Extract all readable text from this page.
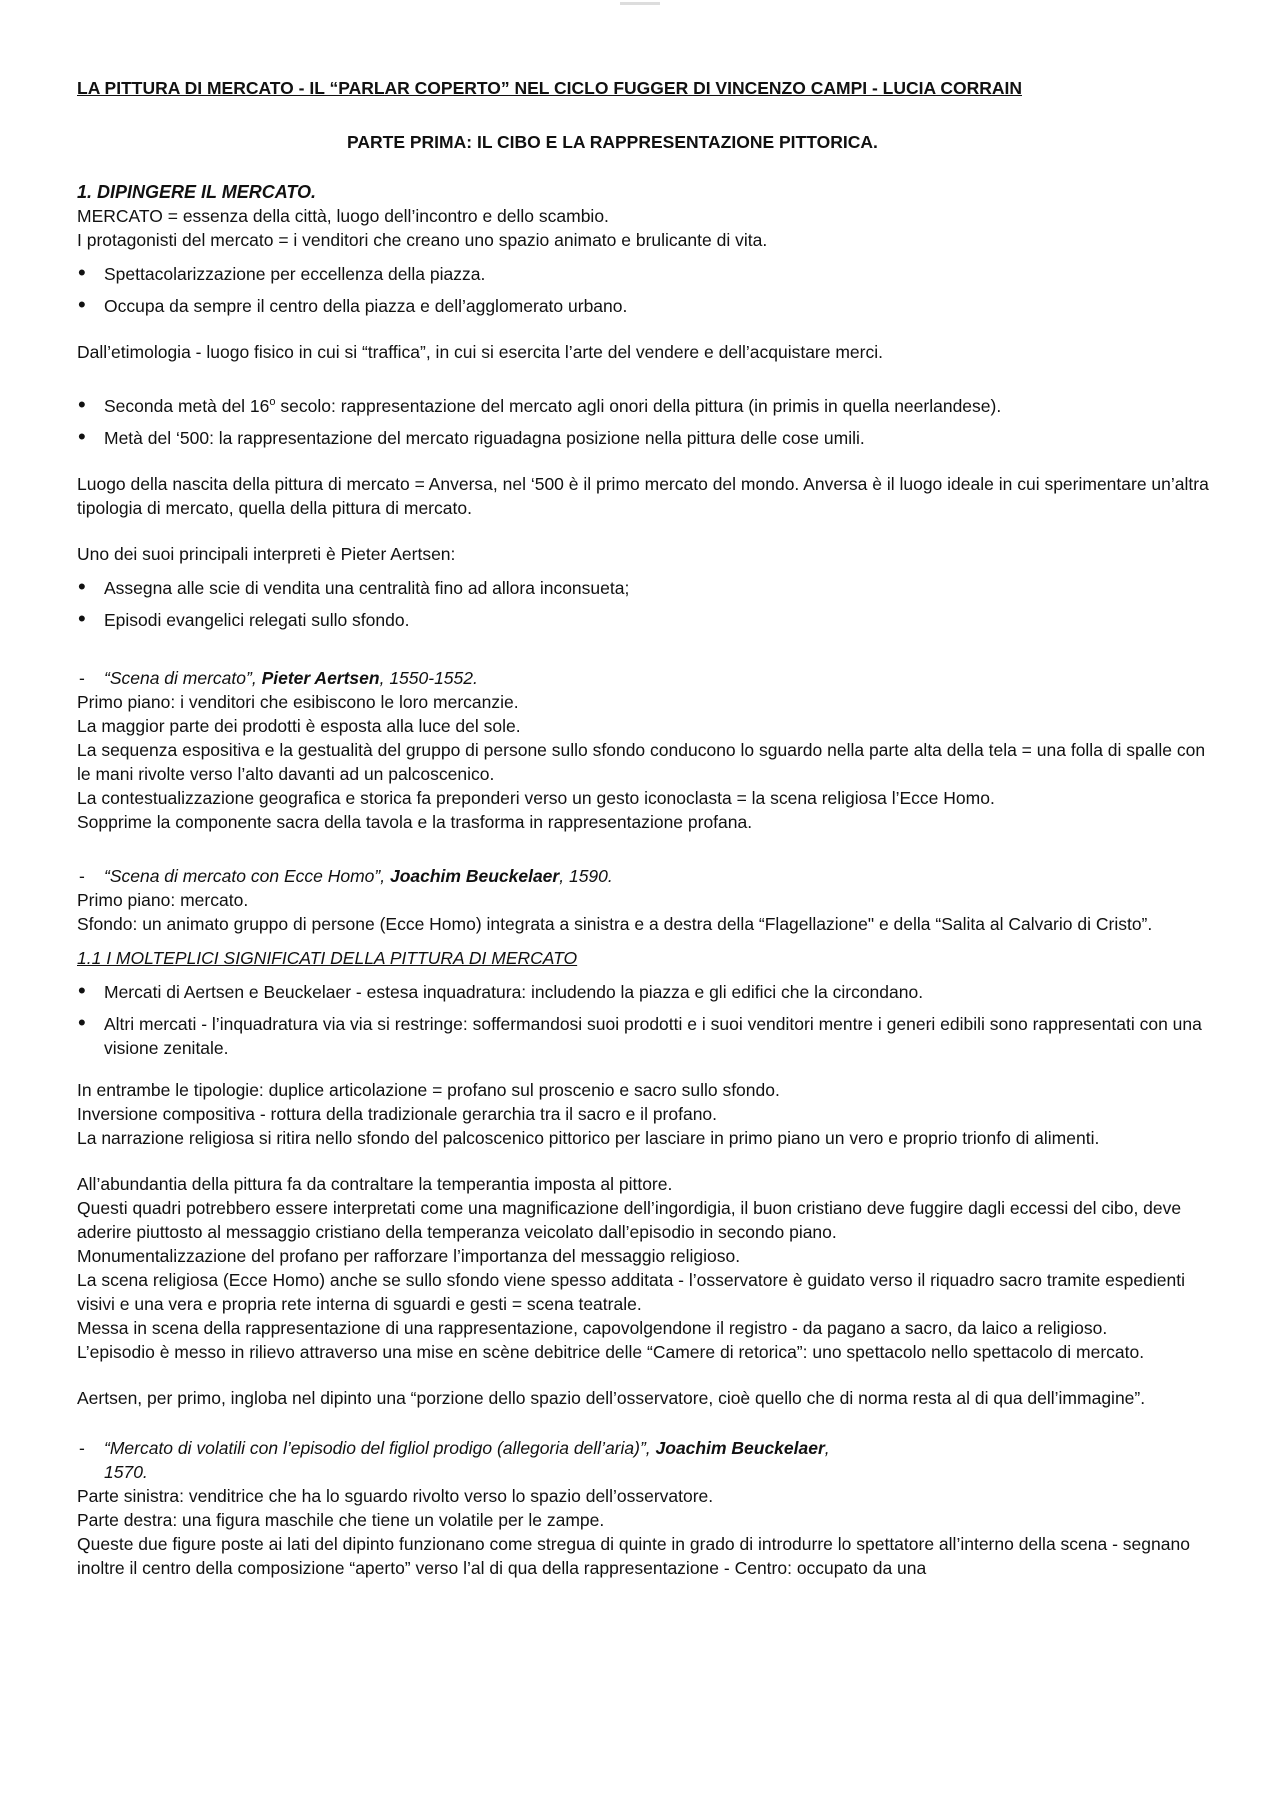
LA PITTURA DI MERCATO - IL “PARLAR COPERTO” NEL CICLO FUGGER DI VINCENZO CAMPI - LUCIA CORRAIN

PARTE PRIMA: IL CIBO E LA RAPPRESENTAZIONE PITTORICA.

1. DIPINGERE IL MERCATO.

MERCATO = essenza della città, luogo dell’incontro e dello scambio.

I protagonisti del mercato = i venditori che creano uno spazio animato e brulicante di vita.

• Spettacolarizzazione per eccellenza della piazza.
• Occupa da sempre il centro della piazza e dell’agglomerato urbano.

Dall’etimologia - luogo fisico in cui si “traffica”, in cui si esercita l’arte del vendere e dell’acquistare merci.

• Seconda metà del 16$^o$ secolo: rappresentazione del mercato agli onori della pittura (in primis in quella neerlandese).
• Metà del ‘500: la rappresentazione del mercato riguadagna posizione nella pittura delle cose umili.

Luogo della nascita della pittura di mercato = Anversa, nel ‘500 è il primo mercato del mondo. Anversa è il luogo ideale in cui sperimentare un’altra tipologia di mercato, quella della pittura di mercato.

Uno dei suoi principali interpreti è Pieter Aertsen:

• Assegna alle scie di vendita una centralità fino ad allora inconsueta;
• Episodi evangelici relegati sullo sfondo.

- “Scena di mercato”, Pieter Aertsen, 1550-1552.

Primo piano: i venditori che esibiscono le loro mercanzie.

La maggior parte dei prodotti è esposta alla luce del sole.

La sequenza espositiva e la gestualità del gruppo di persone sullo sfondo conducono lo sguardo nella parte alta della tela = una folla di spalle con le mani rivolte verso l’alto davanti ad un palcoscenico.

La contestualizzazione geografica e storica fa preponderi verso un gesto iconoclasta = la scena religiosa l’Ecce Homo.

Sopprime la componente sacra della tavola e la trasforma in rappresentazione profana.

- “Scena di mercato con Ecce Homo”, Joachim Beuckelaer, 1590.

Primo piano: mercato.

Sfondo: un animato gruppo di persone (Ecce Homo) integrata a sinistra e a destra della “Flagellazione" e della “Salita al Calvario di Cristo”.

1.1 I MOLTEPLICI SIGNIFICATI DELLA PITTURA DI MERCATO

• Mercati di Aertsen e Beuckelaer - estesa inquadratura: includendo la piazza e gli edifici che la circondano.
• Altri mercati - l’inquadratura via via si restringe: soffermandosi suoi prodotti e i suoi venditori mentre i generi edibili sono rappresentati con una visione zenitale.

In entrambe le tipologie: duplice articolazione = profano sul proscenio e sacro sullo sfondo.

Inversione compositiva - rottura della tradizionale gerarchia tra il sacro e il profano.

La narrazione religiosa si ritira nello sfondo del palcoscenico pittorico per lasciare in primo piano un vero e proprio trionfo di alimenti.

All’abundantia della pittura fa da contraltare la temperantia imposta al pittore.

Questi quadri potrebbero essere interpretati come una magnificazione dell’ingordigia, il buon cristiano deve fuggire dagli eccessi del cibo, deve aderire piuttosto al messaggio cristiano della temperanza veicolato dall’episodio in secondo piano.

Monumentalizzazione del profano per rafforzare l’importanza del messaggio religioso.

La scena religiosa (Ecce Homo) anche se sullo sfondo viene spesso additata - l’osservatore è guidato verso il riquadro sacro tramite espedienti visivi e una vera e propria rete interna di sguardi e gesti = scena teatrale.

Messa in scena della rappresentazione di una rappresentazione, capovolgendone il registro - da pagano a sacro, da laico a religioso.

L’episodio è messo in rilievo attraverso una mise en scène debitrice delle “Camere di retorica”: uno spettacolo nello spettacolo di mercato.

Aertsen, per primo, ingloba nel dipinto una “porzione dello spazio dell’osservatore, cioè quello che di norma resta al di qua dell’immagine”.

- “Mercato di volatili con l’episodio del figliol prodigo (allegoria dell’aria)”, Joachim Beuckelaer,

1570.

Parte sinistra: venditrice che ha lo sguardo rivolto verso lo spazio dell’osservatore.

Parte destra: una figura maschile che tiene un volatile per le zampe.

Queste due figure poste ai lati del dipinto funzionano come stregua di quinte in grado di introdurre lo spettatore all’interno della scena - segnano inoltre il centro della composizione “aperto” verso l’al di qua della rappresentazione - Centro: occupato da una
